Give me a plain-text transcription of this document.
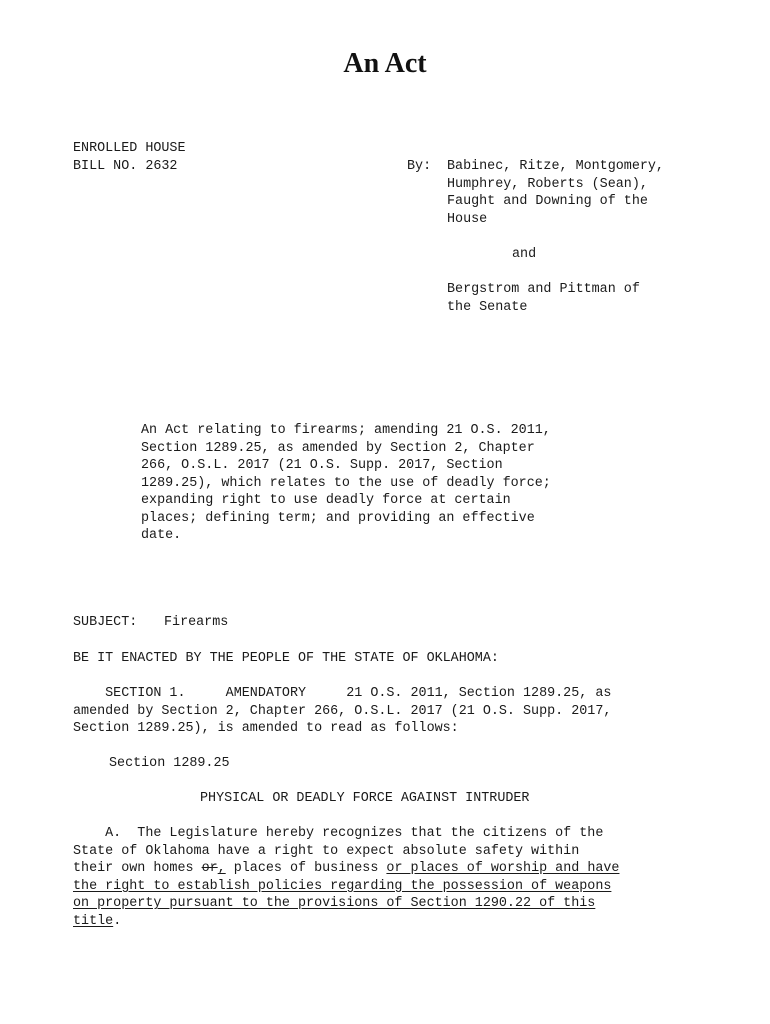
An Act
ENROLLED HOUSE
BILL NO. 2632	By: Babinec, Ritze, Montgomery,
Humphrey, Roberts (Sean),
Faught and Downing of the
House
and
Bergstrom and Pittman of
the Senate
An Act relating to firearms; amending 21 O.S. 2011,
Section 1289.25, as amended by Section 2, Chapter
266, O.S.L. 2017 (21 O.S. Supp. 2017, Section
1289.25), which relates to the use of deadly force;
expanding right to use deadly force at certain
places; defining term; and providing an effective
date.
SUBJECT: Firearms
BE IT ENACTED BY THE PEOPLE OF THE STATE OF OKLAHOMA:
SECTION 1.     AMENDATORY     21 O.S. 2011, Section 1289.25, as
amended by Section 2, Chapter 266, O.S.L. 2017 (21 O.S. Supp. 2017,
Section 1289.25), is amended to read as follows:
Section 1289.25
PHYSICAL OR DEADLY FORCE AGAINST INTRUDER
A.  The Legislature hereby recognizes that the citizens of the
State of Oklahoma have a right to expect absolute safety within
their own homes or, places of business or places of worship and have
the right to establish policies regarding the possession of weapons
on property pursuant to the provisions of Section 1290.22 of this
title.
